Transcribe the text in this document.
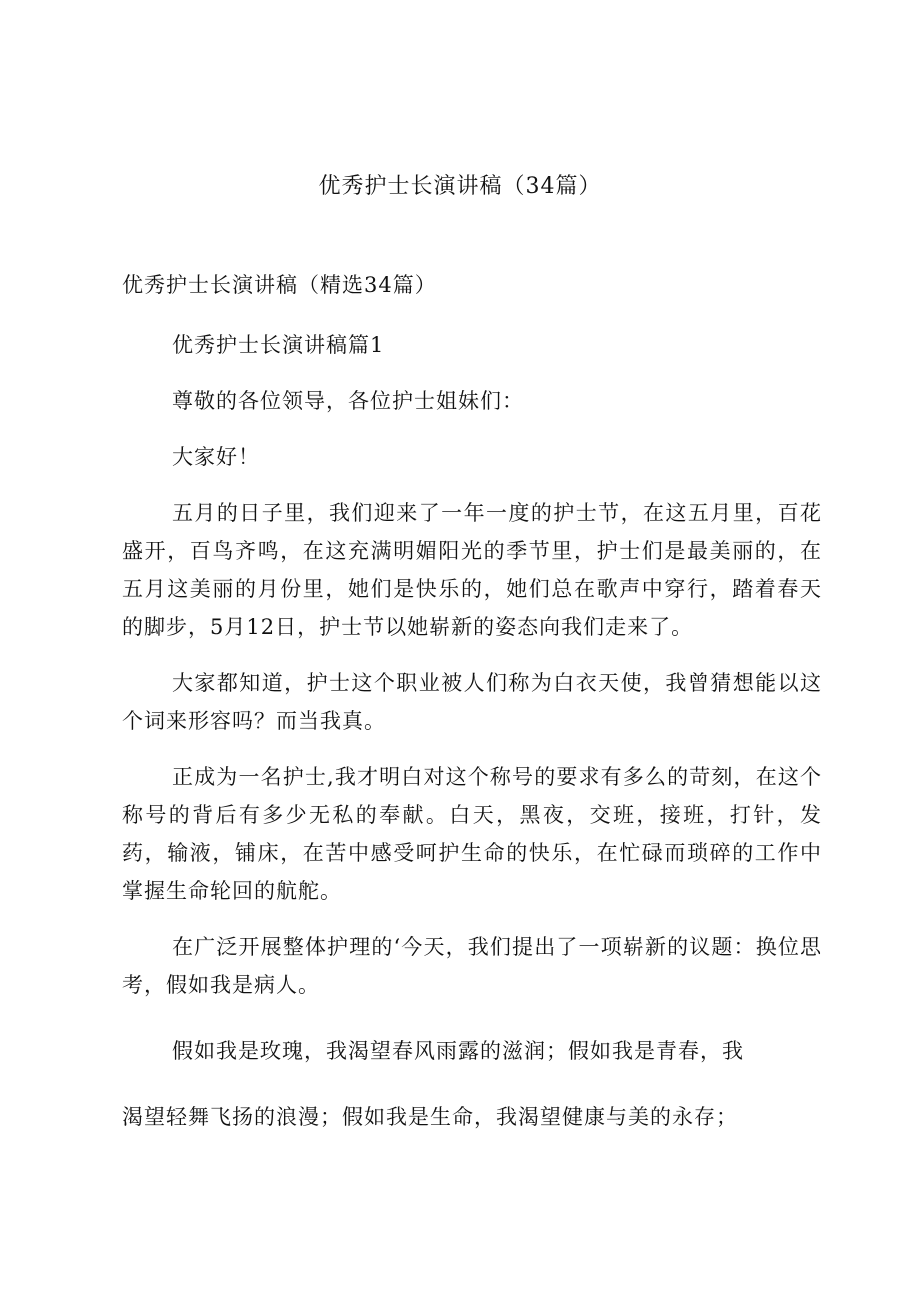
优秀护士长演讲稿（34篇）

优秀护士长演讲稿（精选34篇）

优秀护士长演讲稿篇1

尊敬的各位领导，各位护士姐妹们：

大家好！

五月的日子里，我们迎来了一年一度的护士节，在这五月里，百花盛开，百鸟齐鸣，在这充满明媚阳光的季节里，护士们是最美丽的，在五月这美丽的月份里，她们是快乐的，她们总在歌声中穿行，踏着春天的脚步，5月12日，护士节以她崭新的姿态向我们走来了。

大家都知道，护士这个职业被人们称为白衣天使，我曾猜想能以这个词来形容吗？而当我真。

正成为一名护士,我才明白对这个称号的要求有多么的苛刻，在这个称号的背后有多少无私的奉献。白天，黑夜，交班，接班，打针，发药，输液，铺床，在苦中感受呵护生命的快乐，在忙碌而琐碎的工作中掌握生命轮回的航舵。

在广泛开展整体护理的‘今天，我们提出了一项崭新的议题：换位思考，假如我是病人。

假如我是玫瑰，我渴望春风雨露的滋润；假如我是青春，我

渴望轻舞飞扬的浪漫；假如我是生命，我渴望健康与美的永存；
